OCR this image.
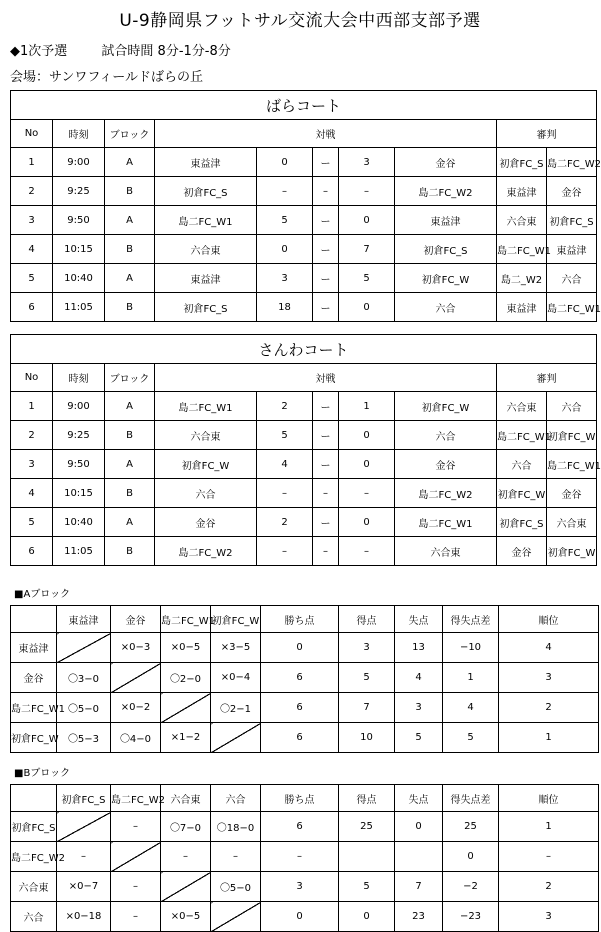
U-9静岡県フットサル交流大会中西部支部予選
◆1次予選	試合時間 8分-1分-8分
会場：サンワフィールドばらの丘
ばらコート									
No	時刻	ブロック	対戦					審判	
1	9:00	A	東益津	0	ー	3	金谷	初倉FC_S	島二FC_W2
2	9:25	B	初倉FC_S	–	–	–	島二FC_W2	東益津	金谷
3	9:50	A	島二FC_W1	5	ー	0	東益津	六合東	初倉FC_S
4	10:15	B	六合東	0	ー	7	初倉FC_S	島二FC_W1	東益津
5	10:40	A	東益津	3	ー	5	初倉FC_W	島二_W2	六合
6	11:05	B	初倉FC_S	18	ー	0	六合	東益津	島二FC_W1
さんわコート									
No	時刻	ブロック	対戦					審判	
1	9:00	A	島二FC_W1	2	ー	1	初倉FC_W	六合東	六合
2	9:25	B	六合東	5	ー	0	六合	島二FC_W1	初倉FC_W
3	9:50	A	初倉FC_W	4	ー	0	金谷	六合	島二FC_W1
4	10:15	B	六合	–	–	–	島二FC_W2	初倉FC_W	金谷
5	10:40	A	金谷	2	ー	0	島二FC_W1	初倉FC_S	六合東
6	11:05	B	島二FC_W2	–	–	–	六合東	金谷	初倉FC_W
■Aブロック
	東益津	金谷	島二FC_W1	初倉FC_W	勝ち点	得点	失点	得失点差	順位
東益津		×0−3	×0−5	×3−5	0	3	13	−10	4
金谷	〇3−0		〇2−0	×0−4	6	5	4	1	3
島二FC_W1	〇5−0	×0−2		〇2−1	6	7	3	4	2
初倉FC_W	〇5−3	〇4−0	×1−2		6	10	5	5	1
■Bブロック
	初倉FC_S	島二FC_W2	六合東	六合	勝ち点	得点	失点	得失点差	順位
初倉FC_S		–	〇7−0	〇18−0	6	25	0	25	1
島二FC_W2	–		–	–	–			0	–
六合東	×0−7	–		〇5−0	3	5	7	−2	2
六合	×0−18	–	×0−5		0	0	23	−23	3
